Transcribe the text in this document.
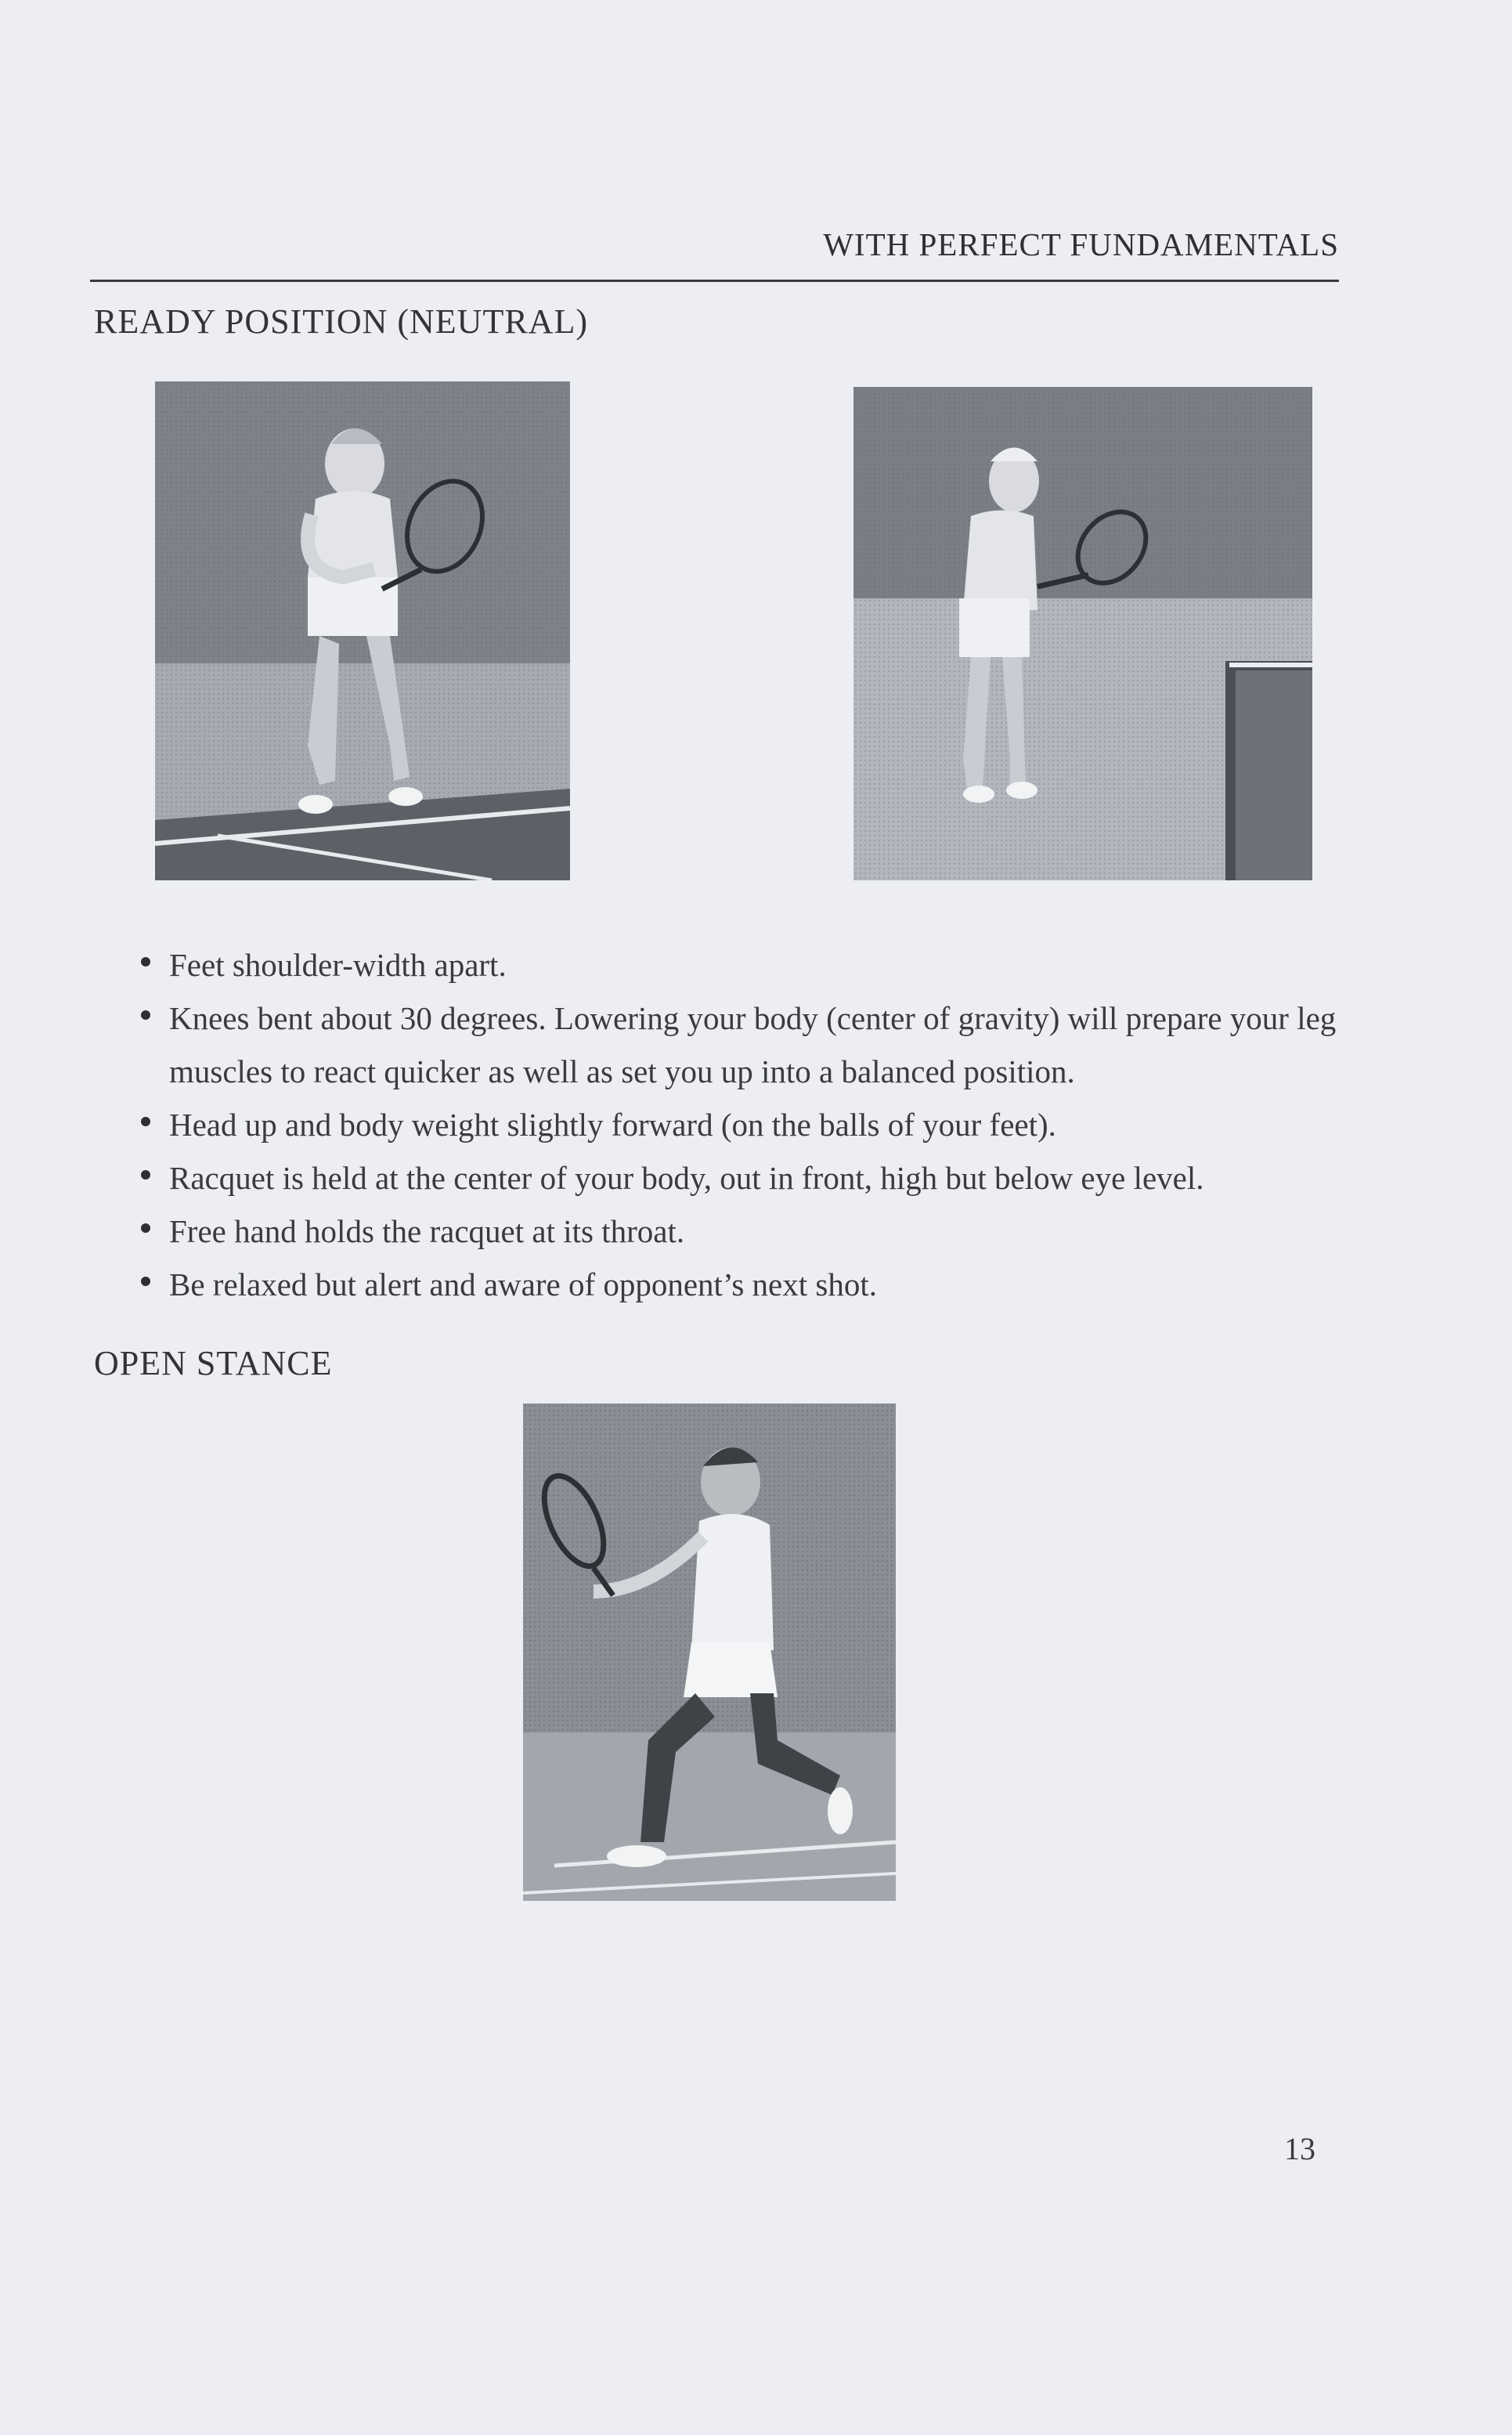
WITH PERFECT FUNDAMENTALS
READY POSITION (NEUTRAL)
Feet shoulder-width apart.
Knees bent about 30 degrees. Lowering your body (center of gravity) will prepare your leg muscles to react quicker as well as set you up into a balanced position.
Head up and body weight slightly forward (on the balls of your feet).
Racquet is held at the center of your body, out in front, high but below eye level.
Free hand holds the racquet at its throat.
Be relaxed but alert and aware of opponent’s next shot.
OPEN STANCE
13
